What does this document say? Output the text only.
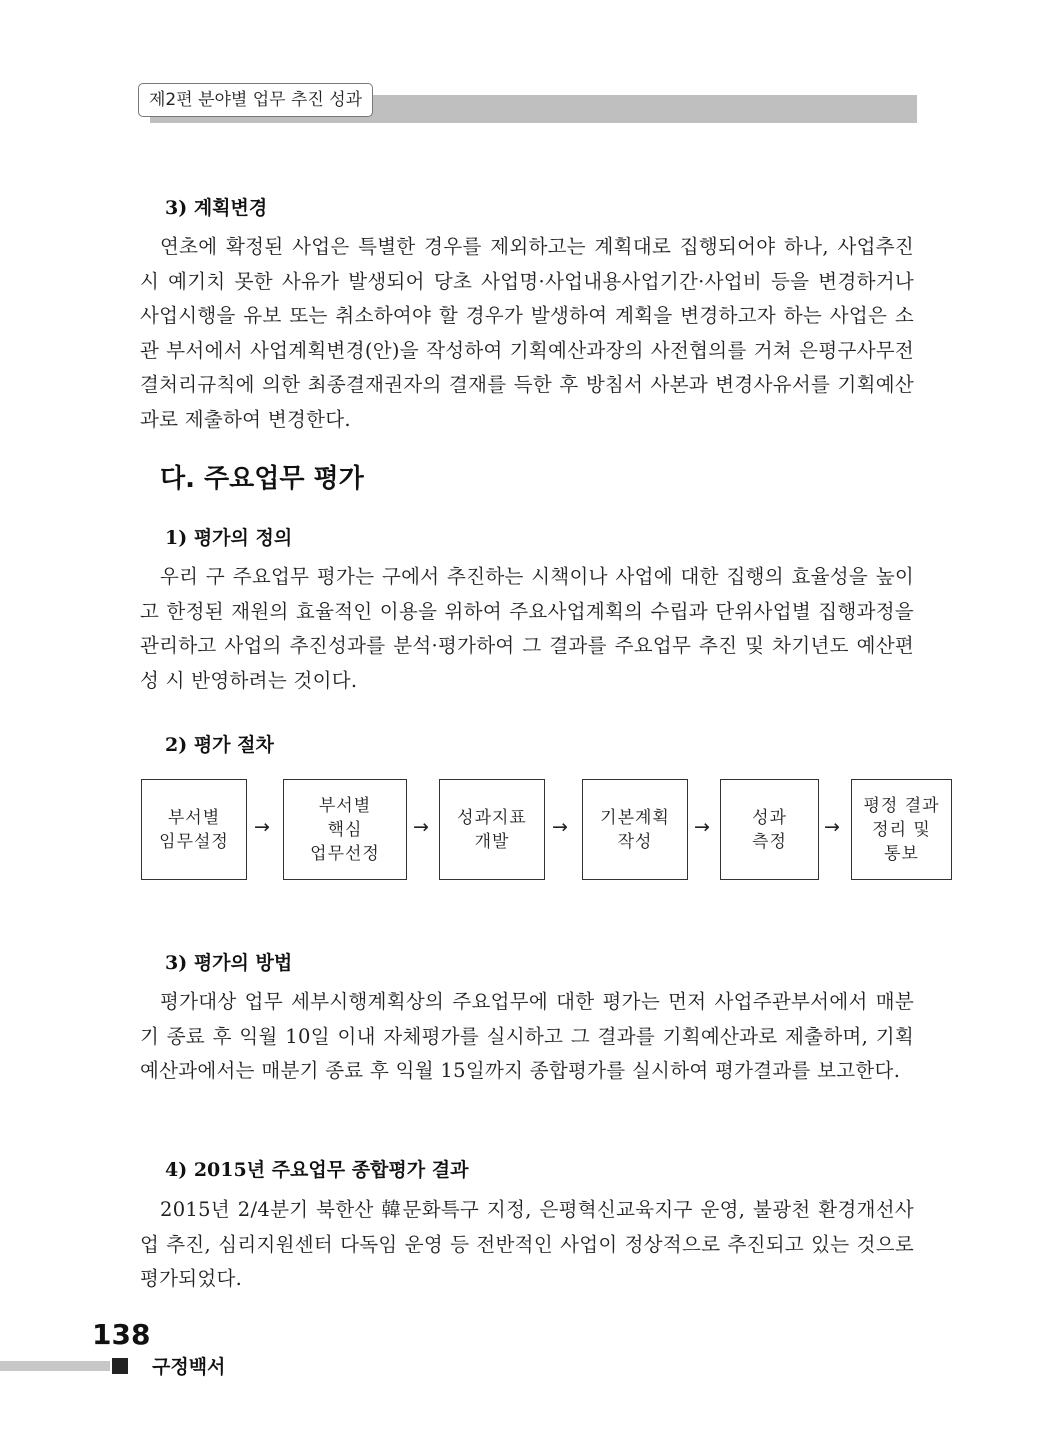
제2편 분야별 업무 추진 성과
3) 계획변경
연초에 확정된 사업은 특별한 경우를 제외하고는 계획대로 집행되어야 하나, 사업추진 시 예기치 못한 사유가 발생되어 당초 사업명·사업내용사업기간·사업비 등을 변경하거나 사업시행을 유보 또는 취소하여야 할 경우가 발생하여 계획을 변경하고자 하는 사업은 소관 부서에서 사업계획변경(안)을 작성하여 기획예산과장의 사전협의를 거쳐 은평구사무전결처리규칙에 의한 최종결재권자의 결재를 득한 후 방침서 사본과 변경사유서를 기획예산과로 제출하여 변경한다.
다. 주요업무 평가
1) 평가의 정의
우리 구 주요업무 평가는 구에서 추진하는 시책이나 사업에 대한 집행의 효율성을 높이고 한정된 재원의 효율적인 이용을 위하여 주요사업계획의 수립과 단위사업별 집행과정을 관리하고 사업의 추진성과를 분석·평가하여 그 결과를 주요업무 추진 및 차기년도 예산편성 시 반영하려는 것이다.
2) 평가 절차
부서별
임무설정
→
부서별
핵심
업무선정
→	성과지표
개발
→	기본계획
작성
→	성과
측정
→
평정 결과
정리 및
통보
3) 평가의 방법
평가대상 업무 세부시행계획상의 주요업무에 대한 평가는 먼저 사업주관부서에서 매분기 종료 후 익월 10일 이내 자체평가를 실시하고 그 결과를 기획예산과로 제출하며, 기획예산과에서는 매분기 종료 후 익월 15일까지 종합평가를 실시하여 평가결과를 보고한다.
4) 2015년 주요업무 종합평가 결과
2015년 2/4분기 북한산 韓문화특구 지정, 은평혁신교육지구 운영, 불광천 환경개선사업 추진, 심리지원센터 다독임 운영 등 전반적인 사업이 정상적으로 추진되고 있는 것으로 평가되었다.
138
구정백서
